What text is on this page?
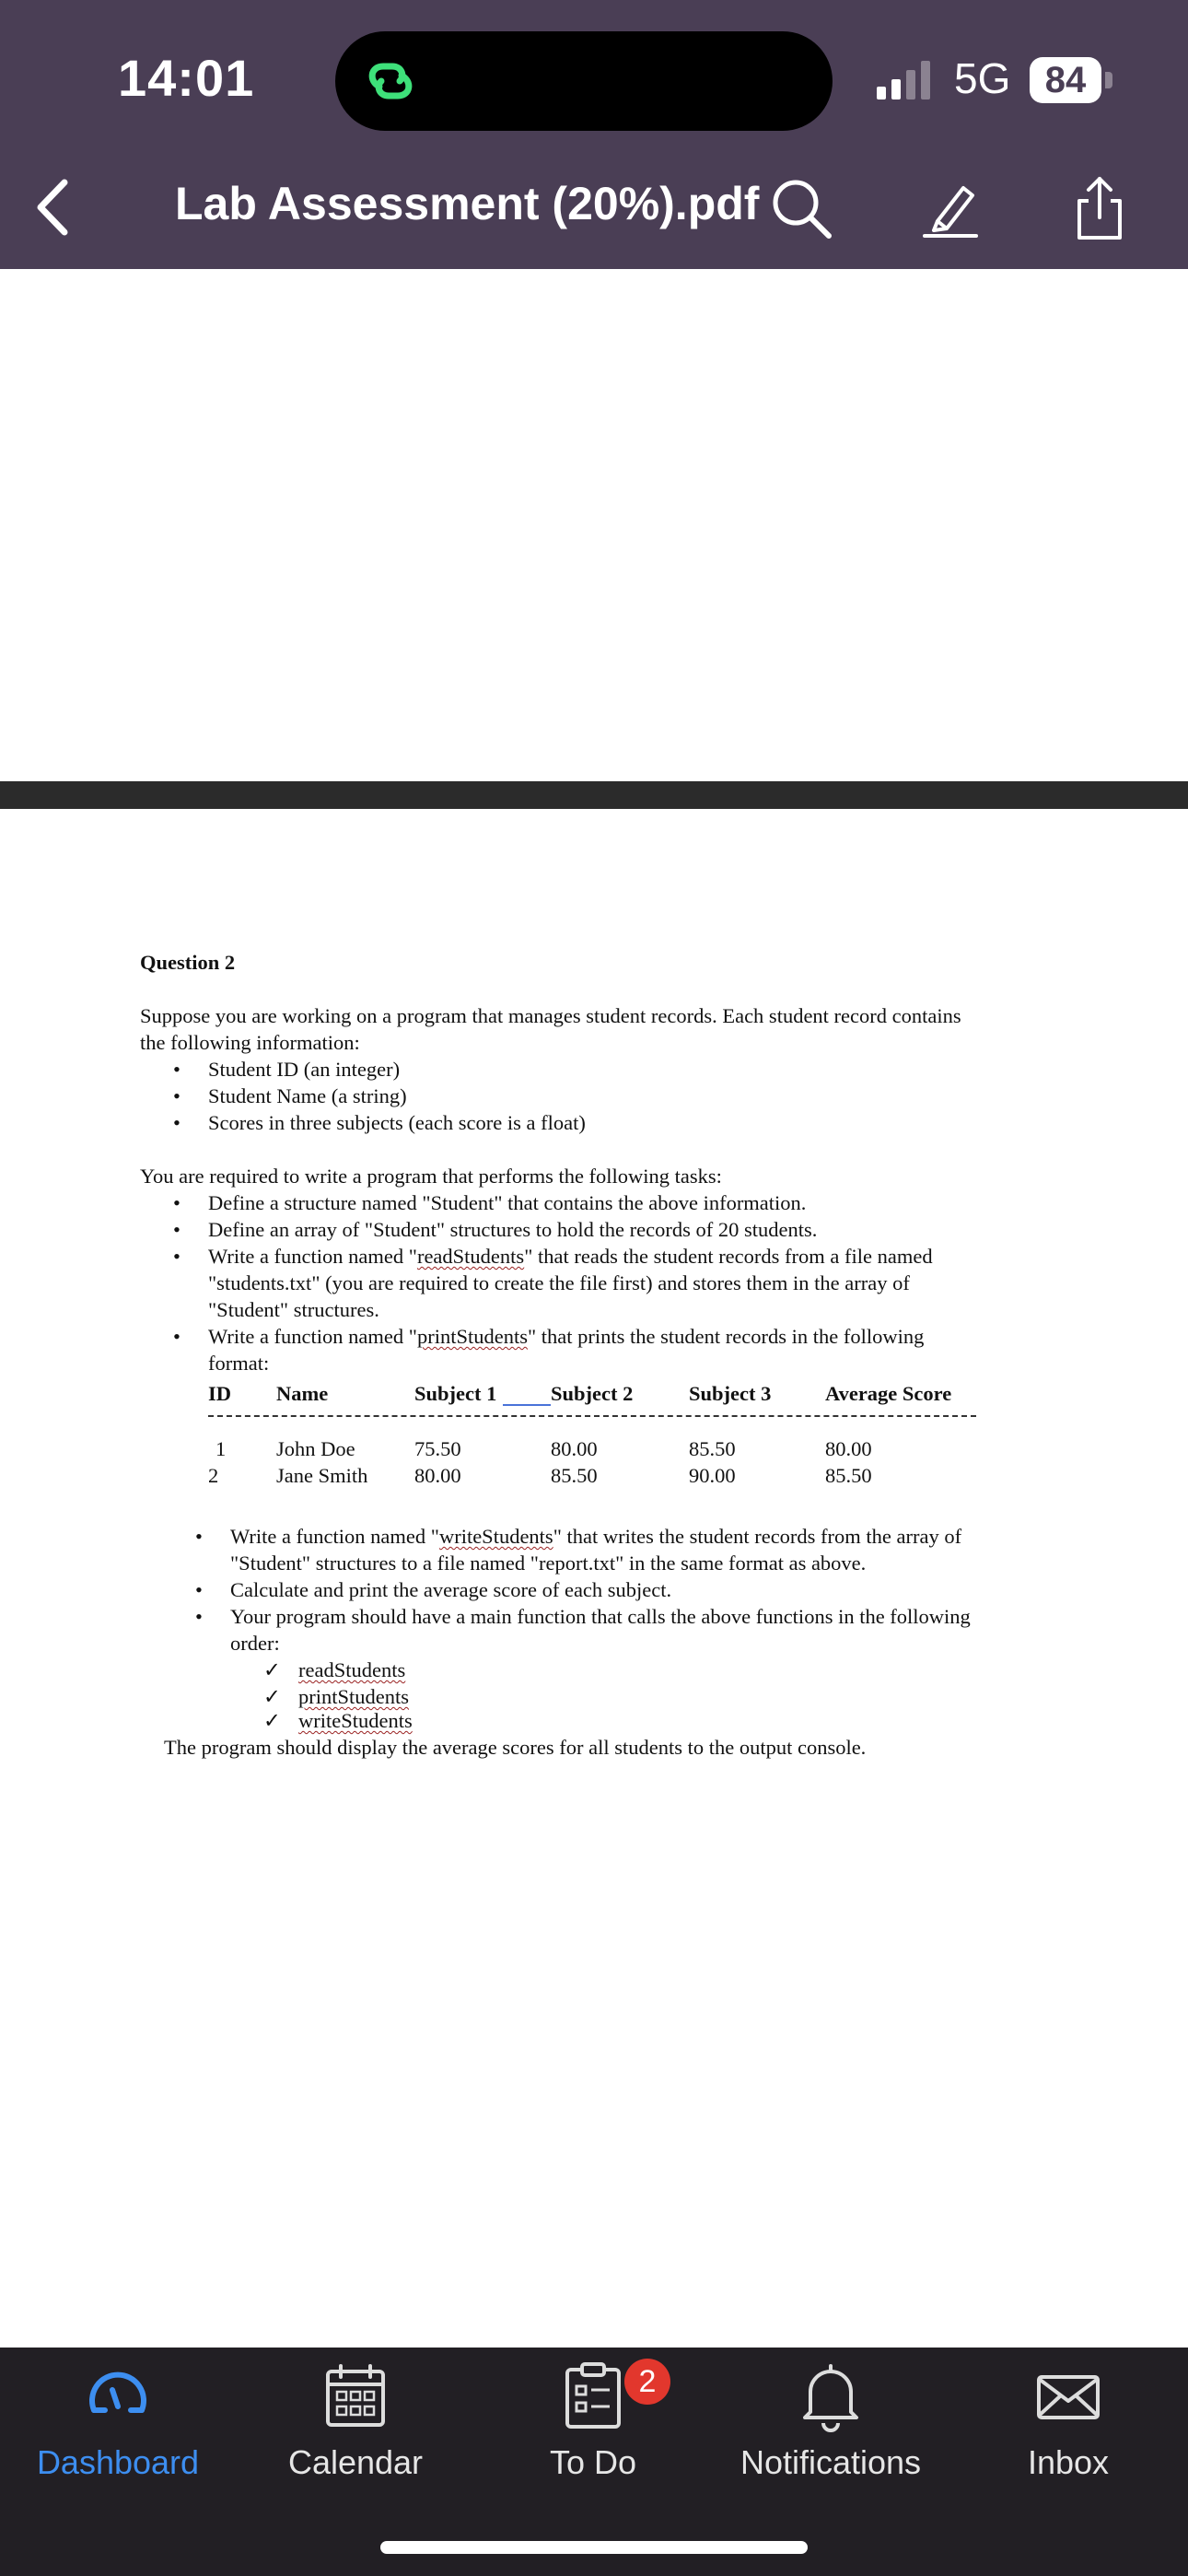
14:01	5G 84
Lab Assessment (20%).pdf
Question 2
Suppose you are working on a program that manages student records. Each student record contains
the following information:
• Student ID (an integer)
• Student Name (a string)
• Scores in three subjects (each score is a float)
You are required to write a program that performs the following tasks:
• Define a structure named "Student" that contains the above information.
• Define an array of "Student" structures to hold the records of 20 students.
• Write a function named "readStudents" that reads the student records from a file named
"students.txt" (you are required to create the file first) and stores them in the array of
"Student" structures.
• Write a function named "printStudents" that prints the student records in the following
format:
ID Name	Subject 1	Subject 2	Subject 3	Average Score
1 John Doe	75.50	80.00	85.50	80.00
2	Jane Smith 80.00	85.50	90.00	85.50
• Write a function named "writeStudents" that writes the student records from the array of
"Student" structures to a file named "report.txt" in the same format as above.
• Calculate and print the average score of each subject.
• Your program should have a main function that calls the above functions in the following
order:
✓ readStudents
✓ printStudents
✓ writeStudents
The program should display the average scores for all students to the output console.
Dashboard	Calendar
2
To Do	Notifications	Inbox
